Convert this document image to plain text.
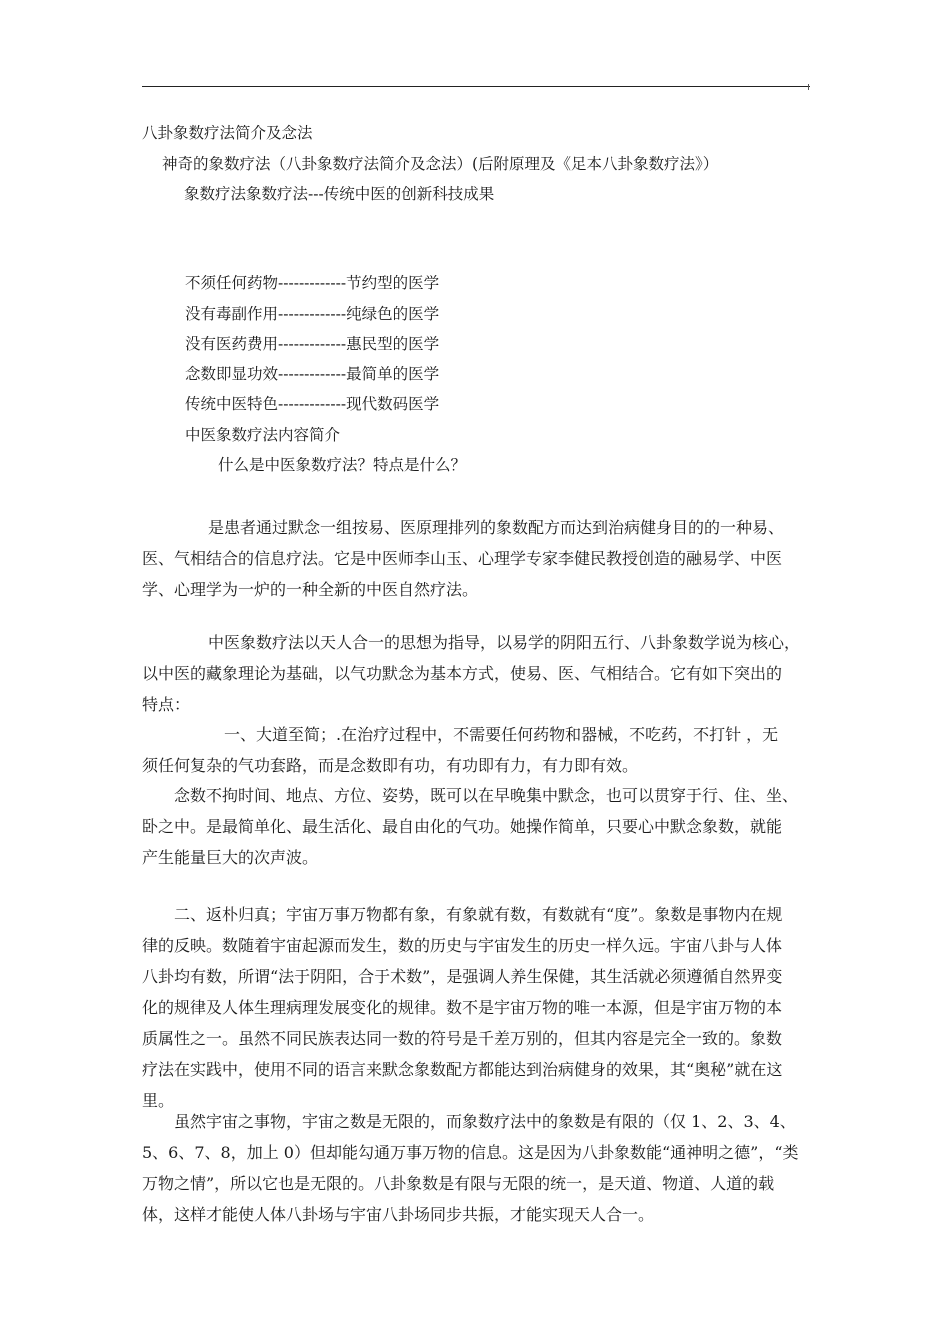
八卦象数疗法简介及念法
神奇的象数疗法（八卦象数疗法简介及念法）(后附原理及《足本八卦象数疗法》）
象数疗法象数疗法---传统中医的创新科技成果
不须任何药物-------------节约型的医学
没有毒副作用-------------纯绿色的医学
没有医药费用-------------惠民型的医学
念数即显功效-------------最简单的医学
传统中医特色-------------现代数码医学
中医象数疗法内容简介
什么是中医象数疗法？特点是什么？
是患者通过默念一组按易、医原理排列的象数配方而达到治病健身目的的一种易、
医、气相结合的信息疗法。它是中医师李山玉、心理学专家李健民教授创造的融易学、中医
学、心理学为一炉的一种全新的中医自然疗法。
中医象数疗法以天人合一的思想为指导，以易学的阴阳五行、八卦象数学说为核心，
以中医的藏象理论为基础，以气功默念为基本方式，使易、医、气相结合。它有如下突出的
特点：
一、大道至简；.在治疗过程中，不需要任何药物和器械，不吃药，不打针 ，无
须任何复杂的气功套路，而是念数即有功，有功即有力，有力即有效。
念数不拘时间、地点、方位、姿势，既可以在早晚集中默念，也可以贯穿于行、住、坐、
卧之中。是最简单化、最生活化、最自由化的气功。她操作简单，只要心中默念象数，就能
产生能量巨大的次声波。
二、返朴归真；宇宙万事万物都有象，有象就有数，有数就有“度”。象数是事物内在规
律的反映。数随着宇宙起源而发生，数的历史与宇宙发生的历史一样久远。宇宙八卦与人体
八卦均有数，所谓“法于阴阳，合于术数”，是强调人养生保健，其生活就必须遵循自然界变
化的规律及人体生理病理发展变化的规律。数不是宇宙万物的唯一本源，但是宇宙万物的本
质属性之一。虽然不同民族表达同一数的符号是千差万别的，但其内容是完全一致的。象数
疗法在实践中，使用不同的语言来默念象数配方都能达到治病健身的效果，其“奥秘”就在这
里。
虽然宇宙之事物，宇宙之数是无限的，而象数疗法中的象数是有限的（仅 1、2、3、4、
5、6、7、8，加上 0）但却能勾通万事万物的信息。这是因为八卦象数能“通神明之德”，“类
万物之情”，所以它也是无限的。八卦象数是有限与无限的统一，是天道、物道、人道的载
体，这样才能使人体八卦场与宇宙八卦场同步共振，才能实现天人合一。
